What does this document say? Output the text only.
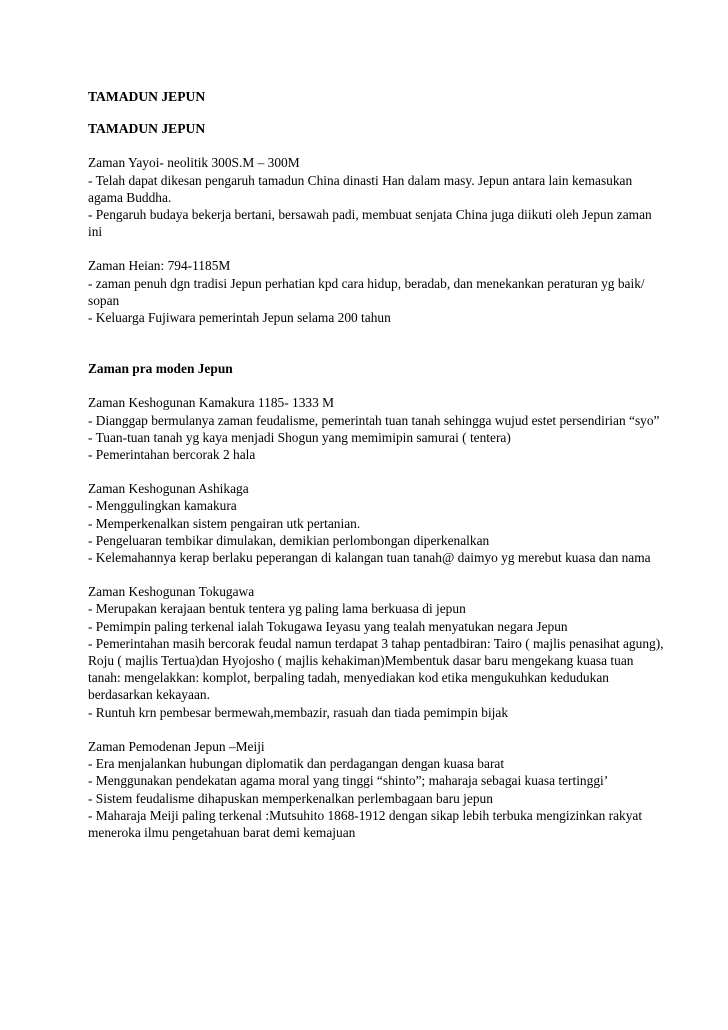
TAMADUN JEPUN
TAMADUN JEPUN

Zaman Yayoi- neolitik 300S.M – 300M

- Telah dapat dikesan pengaruh tamadun China dinasti Han dalam masy. Jepun antara lain kemasukan agama Buddha.

- Pengaruh budaya bekerja bertani, bersawah padi, membuat senjata China juga diikuti oleh Jepun zaman ini

Zaman Heian: 794-1185M

- zaman penuh dgn tradisi Jepun perhatian kpd cara hidup, beradab, dan menekankan peraturan yg baik/ sopan

- Keluarga Fujiwara pemerintah Jepun selama 200 tahun

Zaman pra moden Jepun

Zaman Keshogunan Kamakura 1185- 1333 M

- Dianggap bermulanya zaman feudalisme, pemerintah tuan tanah sehingga wujud estet persendirian “syo”

- Tuan-tuan tanah yg kaya menjadi Shogun yang memimipin samurai ( tentera)

- Pemerintahan bercorak 2 hala

Zaman Keshogunan Ashikaga

- Menggulingkan kamakura

- Memperkenalkan sistem pengairan utk pertanian.

- Pengeluaran tembikar dimulakan, demikian perlombongan diperkenalkan

- Kelemahannya kerap berlaku peperangan di kalangan tuan tanah@ daimyo yg merebut kuasa dan nama

Zaman Keshogunan Tokugawa

- Merupakan kerajaan bentuk tentera yg paling lama berkuasa di jepun

- Pemimpin paling terkenal ialah Tokugawa Ieyasu yang tealah menyatukan negara Jepun

- Pemerintahan masih bercorak feudal namun terdapat 3 tahap pentadbiran: Tairo ( majlis penasihat agung), Roju ( majlis Tertua)dan Hyojosho ( majlis kehakiman)Membentuk dasar baru mengekang kuasa tuan tanah: mengelakkan: komplot, berpaling tadah, menyediakan kod etika mengukuhkan kedudukan berdasarkan kekayaan.

- Runtuh krn pembesar bermewah,membazir, rasuah dan tiada pemimpin bijak

Zaman Pemodenan Jepun –Meiji

- Era menjalankan hubungan diplomatik dan perdagangan dengan kuasa barat

- Menggunakan pendekatan agama moral yang tinggi “shinto”; maharaja sebagai kuasa tertinggi’

- Sistem feudalisme dihapuskan memperkenalkan perlembagaan baru jepun

- Maharaja Meiji paling terkenal :Mutsuhito 1868-1912 dengan sikap lebih terbuka mengizinkan rakyat meneroka ilmu pengetahuan barat demi kemajuan
